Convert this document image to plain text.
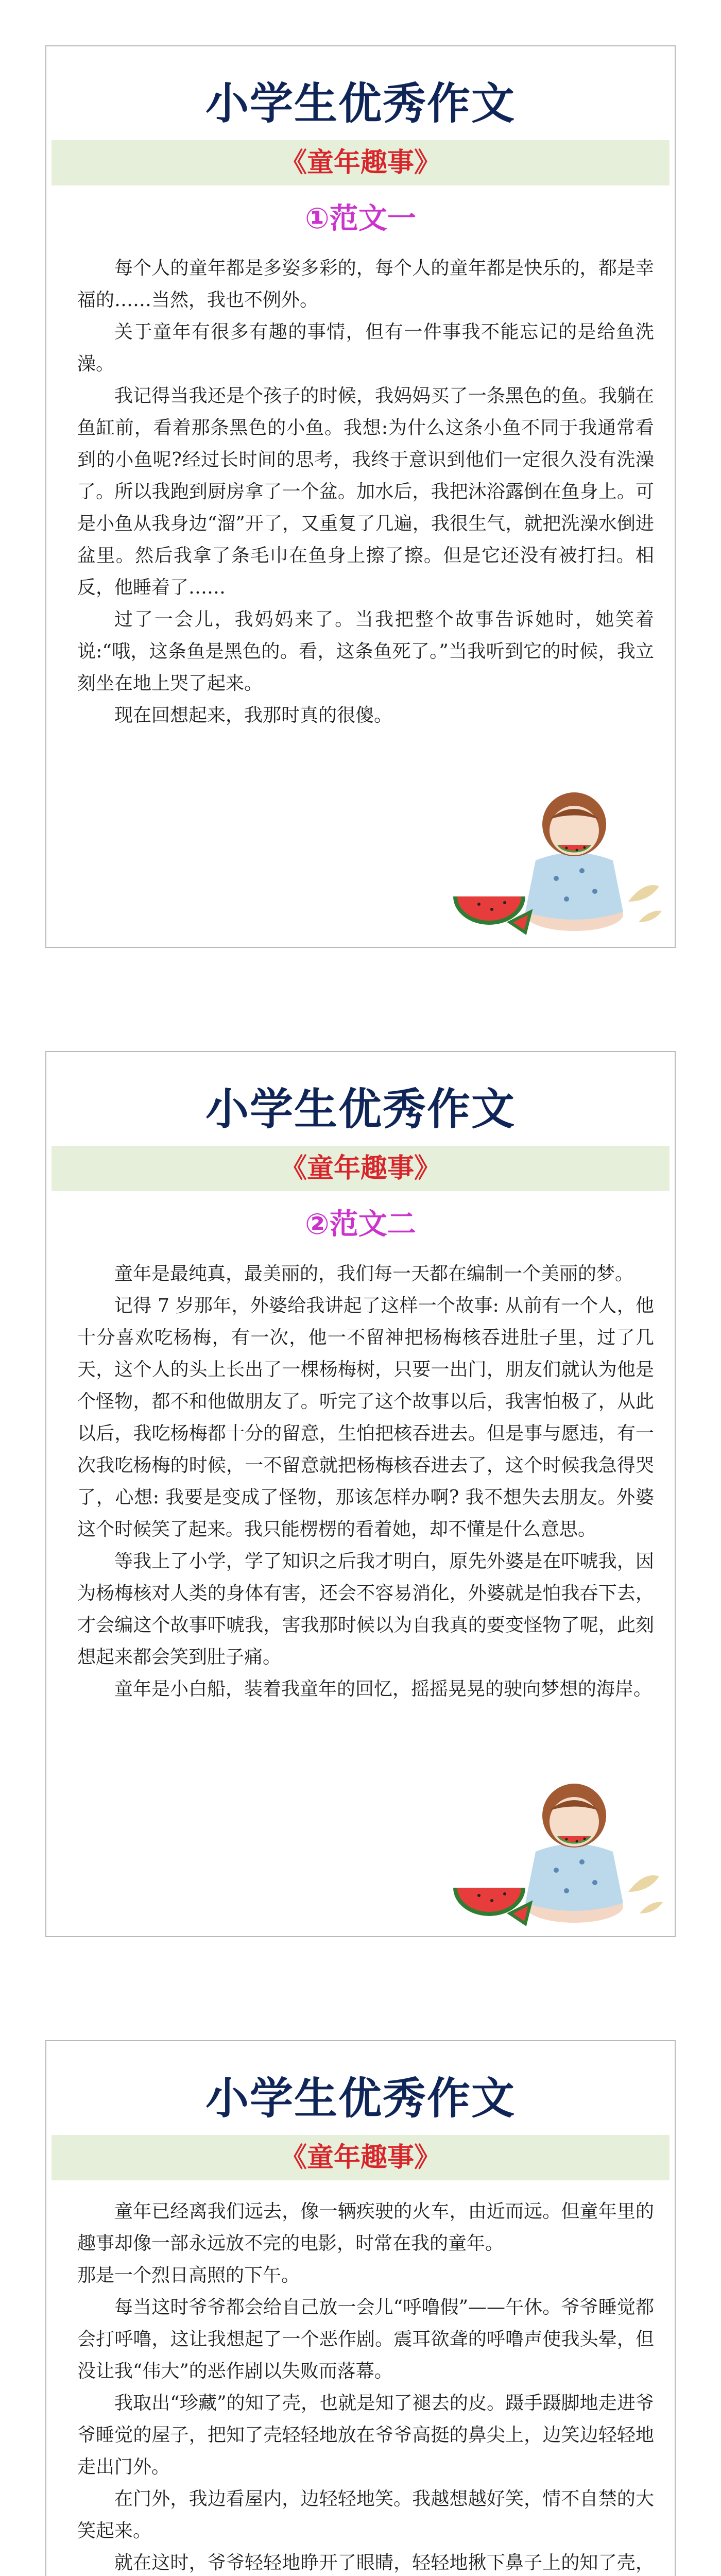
小学生优秀作文
《童年趣事》
①范文一

每个人的童年都是多姿多彩的，每个人的童年都是快乐的，都是幸福的……当然，我也不例外。

关于童年有很多有趣的事情，但有一件事我不能忘记的是给鱼洗澡。

我记得当我还是个孩子的时候，我妈妈买了一条黑色的鱼。我躺在鱼缸前，看着那条黑色的小鱼。我想:为什么这条小鱼不同于我通常看到的小鱼呢?经过长时间的思考，我终于意识到他们一定很久没有洗澡了。所以我跑到厨房拿了一个盆。加水后，我把沐浴露倒在鱼身上。可是小鱼从我身边“溜”开了，又重复了几遍，我很生气，就把洗澡水倒进盆里。然后我拿了条毛巾在鱼身上擦了擦。但是它还没有被打扫。相反，他睡着了……

过了一会儿，我妈妈来了。当我把整个故事告诉她时，她笑着说:“哦，这条鱼是黑色的。看，这条鱼死了。”当我听到它的时候，我立刻坐在地上哭了起来。

现在回想起来，我那时真的很傻。

小学生优秀作文
《童年趣事》
②范文二

童年是最纯真，最美丽的，我们每一天都在编制一个美丽的梦。

记得 7 岁那年，外婆给我讲起了这样一个故事: 从前有一个人，他十分喜欢吃杨梅，有一次，他一不留神把杨梅核吞进肚子里，过了几天，这个人的头上长出了一棵杨梅树，只要一出门，朋友们就认为他是个怪物，都不和他做朋友了。听完了这个故事以后，我害怕极了，从此以后，我吃杨梅都十分的留意，生怕把核吞进去。但是事与愿违，有一次我吃杨梅的时候，一不留意就把杨梅核吞进去了，这个时候我急得哭了，心想: 我要是变成了怪物，那该怎样办啊? 我不想失去朋友。外婆这个时候笑了起来。我只能楞楞的看着她，却不懂是什么意思。

等我上了小学，学了知识之后我才明白，原先外婆是在吓唬我，因为杨梅核对人类的身体有害，还会不容易消化，外婆就是怕我吞下去，才会编这个故事吓唬我，害我那时候以为自我真的要变怪物了呢，此刻想起来都会笑到肚子痛。

童年是小白船，装着我童年的回忆，摇摇晃晃的驶向梦想的海岸。

小学生优秀作文
《童年趣事》

童年已经离我们远去，像一辆疾驶的火车，由近而远。但童年里的趣事却像一部永远放不完的电影，时常在我的童年。

那是一个烈日高照的下午。

每当这时爷爷都会给自己放一会儿“呼噜假”——午休。爷爷睡觉都会打呼噜，这让我想起了一个恶作剧。震耳欲聋的呼噜声使我头晕，但没让我“伟大”的恶作剧以失败而落幕。

我取出“珍藏”的知了壳，也就是知了褪去的皮。蹑手蹑脚地走进爷爷睡觉的屋子，把知了壳轻轻地放在爷爷高挺的鼻尖上，边笑边轻轻地走出门外。

在门外，我边看屋内，边轻轻地笑。我越想越好笑，情不自禁的大笑起来。

就在这时，爷爷轻轻地睁开了眼睛，轻轻地揪下鼻子上的知了壳，
